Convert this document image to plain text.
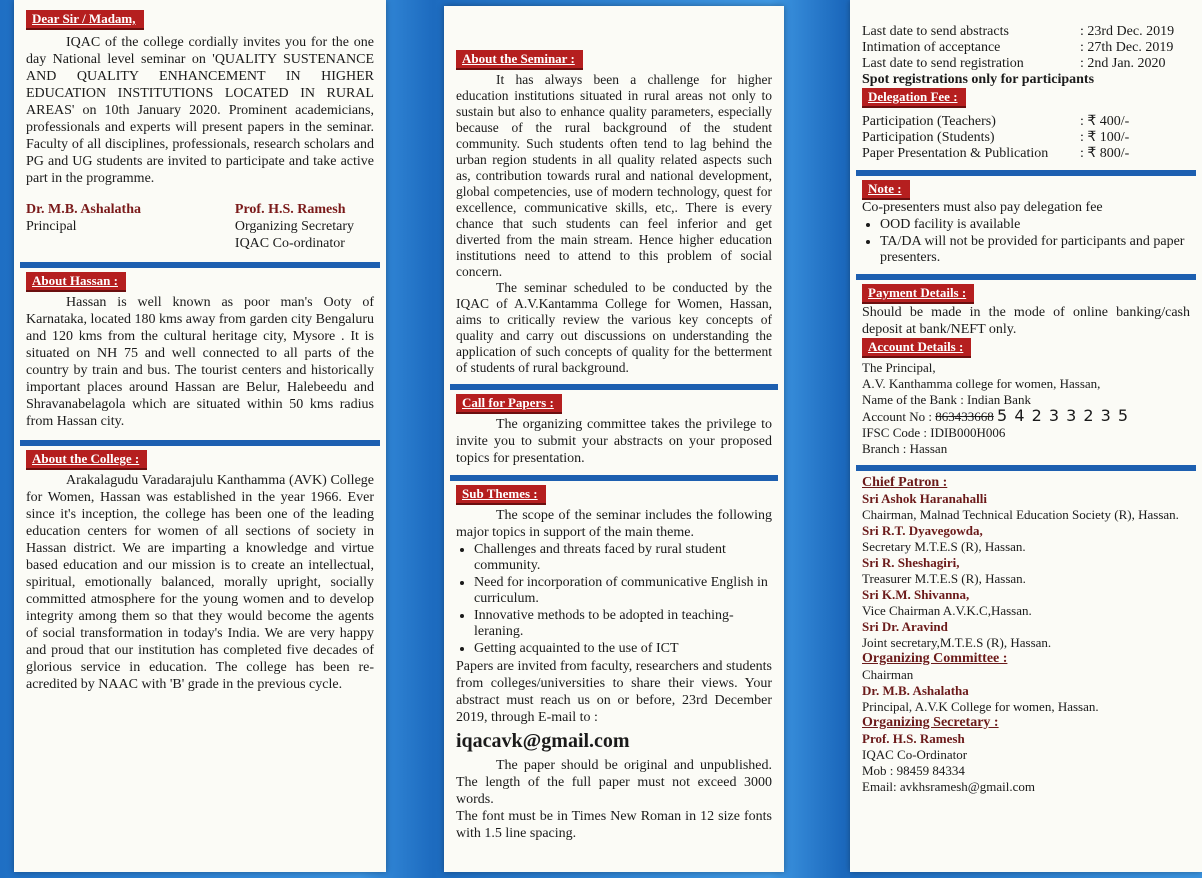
Dear Sir / Madam,

IQAC of the college cordially invites you for the one day National level seminar on 'QUALITY SUSTENANCE AND QUALITY ENHANCEMENT IN HIGHER EDUCATION INSTITUTIONS LOCATED IN RURAL AREAS' on 10th January 2020. Prominent academicians, professionals and experts will present papers in the seminar. Faculty of all disciplines, professionals, research scholars and PG and UG students are invited to participate and take active part in the programme.

Dr. M.B. Ashalatha
Principal
Prof. H.S. Ramesh
Organizing Secretary
IQAC Co-ordinator
About Hassan :

Hassan is well known as poor man's Ooty of Karnataka, located 180 kms away from garden city Bengaluru and 120 kms from the cultural heritage city, Mysore . It is situated on NH 75 and well connected to all parts of the country by train and bus. The tourist centers and historically important places around Hassan are Belur, Halebeedu and Shravanabelagola which are situated within 50 kms radius from Hassan city.

About the College :

Arakalagudu Varadarajulu Kanthamma (AVK) College for Women, Hassan was established in the year 1966. Ever since it's inception, the college has been one of the leading education centers for women of all sections of society in Hassan district. We are imparting a knowledge and virtue based education and our mission is to create an intellectual, spiritual, emotionally balanced, morally upright, socially committed atmosphere for the young women and to develop integrity among them so that they would become the agents of social transformation in today's India. We are very happy and proud that our institution has completed five decades of glorious service in education. The college has been re-acredited by NAAC with 'B' grade in the previous cycle.

About the Seminar :

It has always been a challenge for higher education institutions situated in rural areas not only to sustain but also to enhance quality parameters, especially because of the rural background of the student community. Such students often tend to lag behind the urban region students in all quality related aspects such as, contribution towards rural and national development, global competencies, use of modern technology, quest for excellence, communicative skills, etc,. There is every chance that such students can feel inferior and get diverted from the main stream. Hence higher education institutions need to attend to this problem of social concern.

The seminar scheduled to be conducted by the IQAC of A.V.Kantamma College for Women, Hassan, aims to critically review the various key concepts of quality and carry out discussions on understanding the application of such concepts of quality for the betterment of students of rural background.

Call for Papers :

The organizing committee takes the privilege to invite you to submit your abstracts on your proposed topics for presentation.

Sub Themes :

The scope of the seminar includes the following major topics in support of the main theme.

• Challenges and threats faced by rural student community.
• Need for incorporation of communicative English in curriculum.
• Innovative methods to be adopted in teaching-leraning.
• Getting acquainted to the use of ICT

Papers are invited from faculty, researchers and students from colleges/universities to share their views. Your abstract must reach us on or before, 23rd December 2019, through E-mail to :

iqacavk@gmail.com

The paper should be original and unpublished. The length of the full paper must not exceed 3000 words.

The font must be in Times New Roman in 12 size fonts with 1.5 line spacing.

Last date to send abstracts	: 23rd Dec. 2019
Intimation of acceptance	: 27th Dec. 2019
Last date to send registration	: 2nd Jan. 2020
Spot registrations only for participants
Delegation Fee :
Participation (Teachers)	: ₹ 400/-
Participation (Students)	: ₹ 100/-
Paper Presentation & Publication : ₹ 800/-
Note :
Co-presenters must also pay delegation fee
• OOD facility is available
• TA/DA will not be provided for participants and paper presenters.
Payment Details :

Should be made in the mode of online banking/cash deposit at bank/NEFT only.

Account Details :
The Principal,
A.V. Kanthamma college for women, Hassan,
Name of the Bank : Indian Bank
Account No : 863433668 5 4 2 3 3 2 3 5
IFSC Code : IDIB000H006
Branch : Hassan
Chief Patron :
Sri Ashok Haranahalli
Chairman, Malnad Technical Education Society (R), Hassan.
Sri R.T. Dyavegowda,
Secretary M.T.E.S (R), Hassan.
Sri R. Sheshagiri,
Treasurer M.T.E.S (R), Hassan.
Sri K.M. Shivanna,
Vice Chairman A.V.K.C,Hassan.
Sri Dr. Aravind
Joint secretary,M.T.E.S (R), Hassan.
Organizing Committee :
Chairman
Dr. M.B. Ashalatha
Principal, A.V.K College for women, Hassan.
Organizing Secretary :
Prof. H.S. Ramesh
IQAC Co-Ordinator
Mob : 98459 84334
Email: avkhsramesh@gmail.com
